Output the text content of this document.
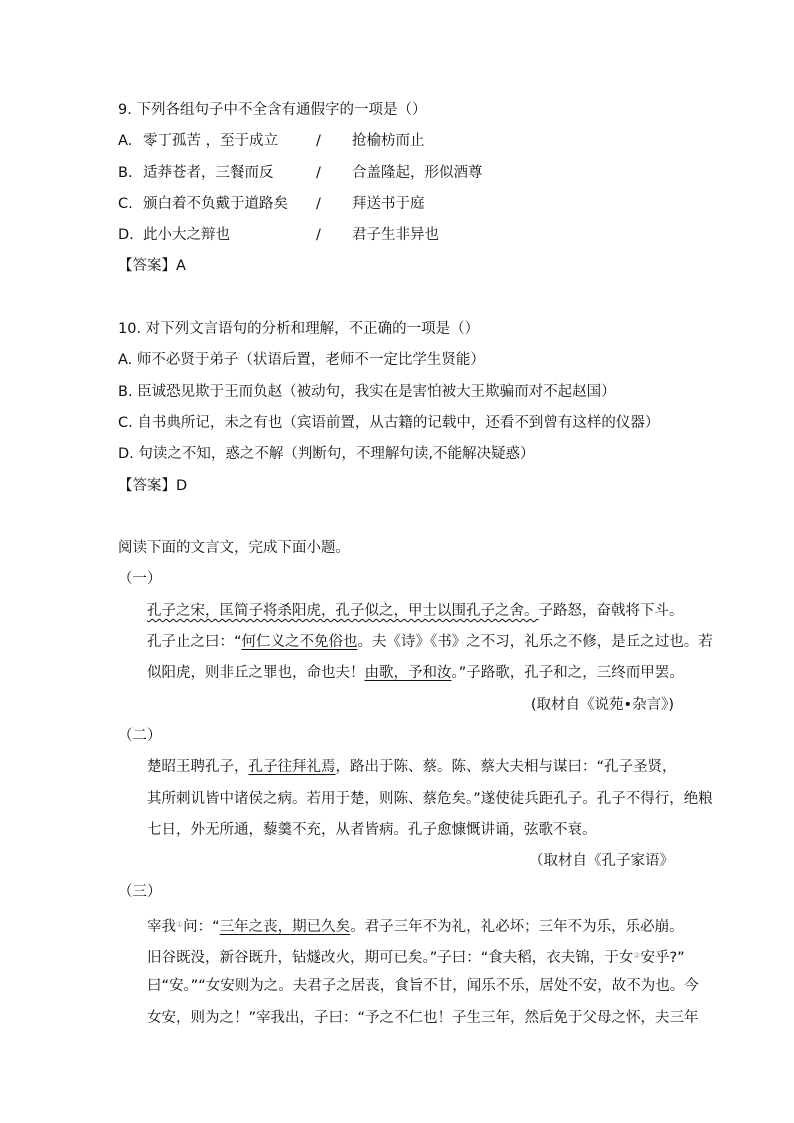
9. 下列各组句子中不全含有通假字的一项是（）
A. 零丁孤苦 ，至于成立	/ 抢榆枋而止
B. 适莽苍者，三餐而反	/ 合盖隆起，形似酒尊
C. 颁白着不负戴于道路矣 / 拜送书于庭
D. 此小大之辩也	/ 君子生非异也
【答案】A
10. 对下列文言语句的分析和理解，不正确的一项是（）
A. 师不必贤于弟子（状语后置，老师不一定比学生贤能）
B. 臣诚恐见欺于王而负赵（被动句，我实在是害怕被大王欺骗而对不起赵国）
C. 自书典所记，未之有也（宾语前置，从古籍的记载中，还看不到曾有这样的仪器）
D. 句读之不知，惑之不解（判断句，不理解句读,不能解决疑惑）
【答案】D
阅读下面的文言文，完成下面小题。
（一）
孔子之宋，匡简子将杀阳虎，孔子似之，甲士以围孔子之舍。子路怒，奋戟将下斗。
孔子止之曰：“何仁义之不免俗也。夫《诗》《书》之不习，礼乐之不修，是丘之过也。若
似阳虎，则非丘之罪也，命也夫！由歌，予和汝。”子路歌，孔子和之，三终而甲罢。
(取材自《说苑•杂言》)
（二）
楚昭王聘孔子，孔子往拜礼焉，路出于陈、蔡。陈、蔡大夫相与谋曰：“孔子圣贤，
其所刺讥皆中诸侯之病。若用于楚，则陈、蔡危矣。”遂使徒兵距孔子。孔子不得行，绝粮
七日，外无所通，藜羹不充，从者皆病。孔子愈慷慨讲诵，弦歌不衰。
（取材自《孔子家语》
（三）
宰我①问：“三年之丧，期已久矣。君子三年不为礼，礼必坏；三年不为乐，乐必崩。
旧谷既没，新谷既升，钻燧改火，期可已矣。”子曰：“食夫稻，衣夫锦，于女②安乎?”
曰“安。”“女安则为之。夫君子之居丧，食旨不甘，闻乐不乐，居处不安，故不为也。今
女安，则为之！”宰我出，子曰：“予之不仁也！子生三年，然后免于父母之怀，夫三年
